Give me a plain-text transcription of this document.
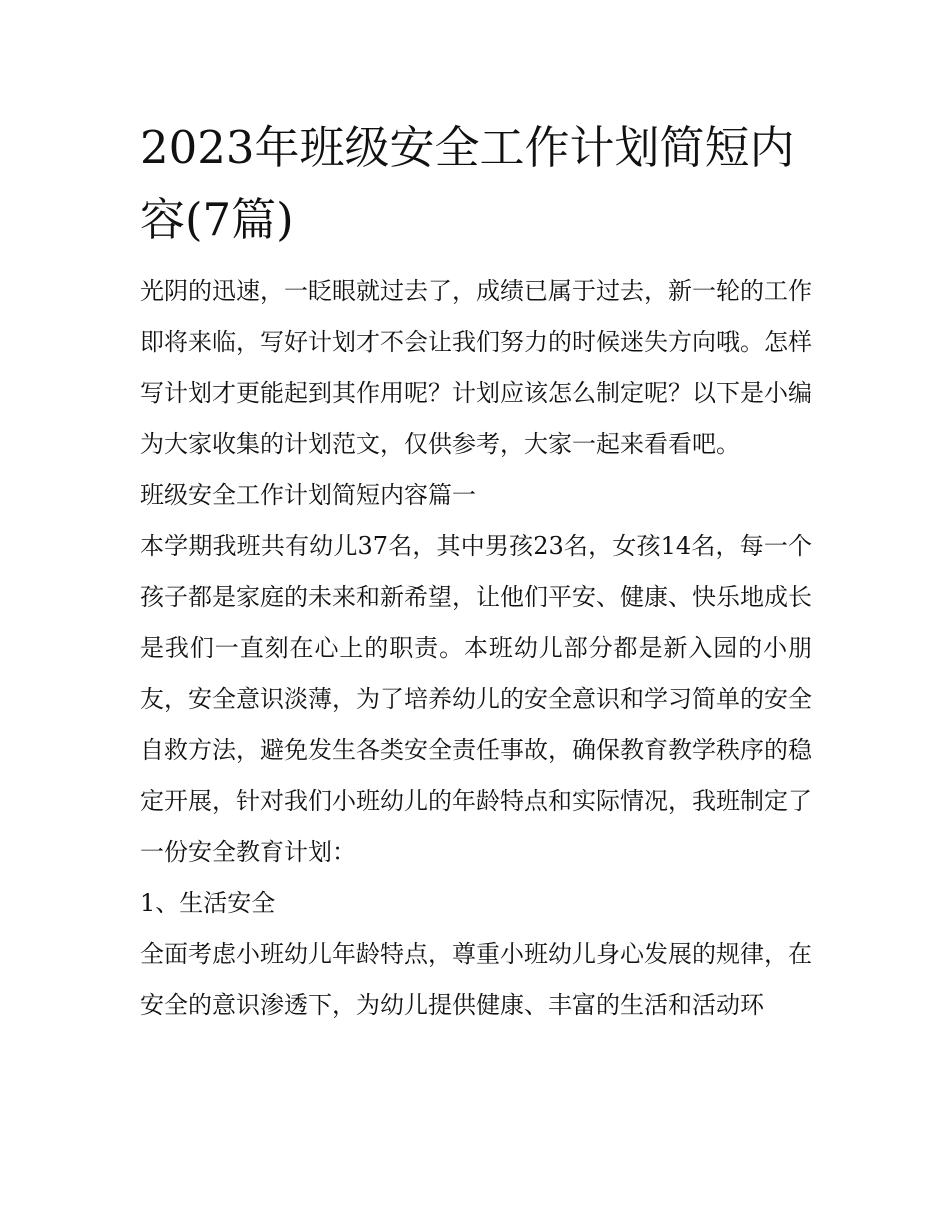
2023年班级安全工作计划简短内容(7篇)

光阴的迅速，一眨眼就过去了，成绩已属于过去，新一轮的工作即将来临，写好计划才不会让我们努力的时候迷失方向哦。怎样写计划才更能起到其作用呢？计划应该怎么制定呢？以下是小编为大家收集的计划范文，仅供参考，大家一起来看看吧。

班级安全工作计划简短内容篇一

本学期我班共有幼儿37名，其中男孩23名，女孩14名，每一个孩子都是家庭的未来和新希望，让他们平安、健康、快乐地成长是我们一直刻在心上的职责。本班幼儿部分都是新入园的小朋友，安全意识淡薄，为了培养幼儿的安全意识和学习简单的安全自救方法，避免发生各类安全责任事故，确保教育教学秩序的稳定开展，针对我们小班幼儿的年龄特点和实际情况，我班制定了一份安全教育计划：

1、生活安全

全面考虑小班幼儿年龄特点，尊重小班幼儿身心发展的规律，在安全的意识渗透下，为幼儿提供健康、丰富的生活和活动环
